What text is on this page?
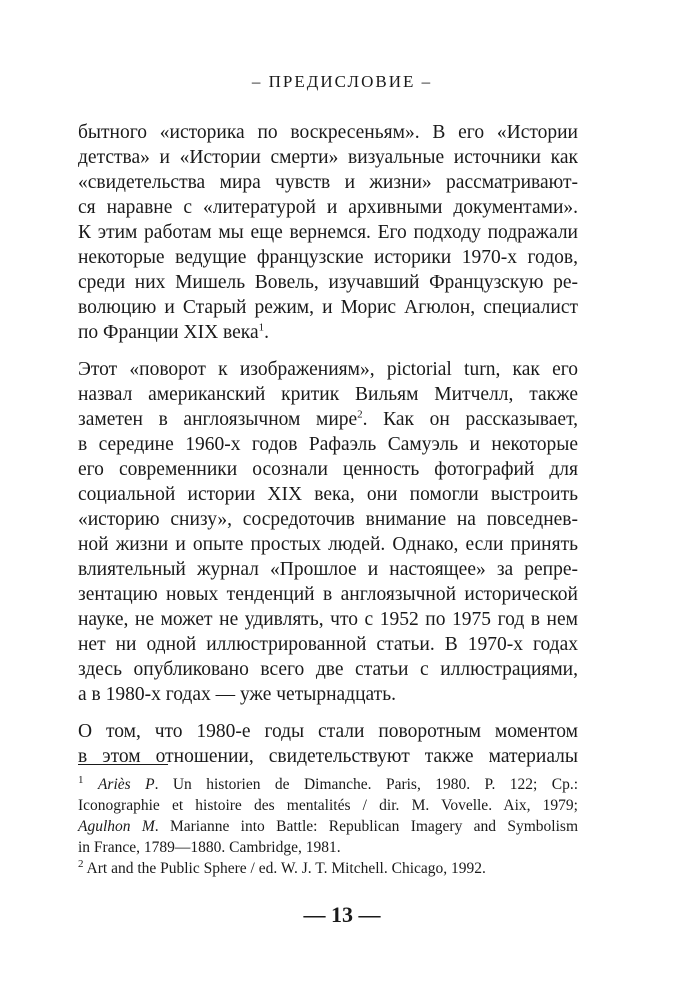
– ПРЕДИСЛОВИЕ –
бытного «историка по воскресеньям». В его «Истории
детства» и «Истории смерти» визуальные источники как
«свидетельства мира чувств и жизни» рассматривают-
ся наравне с «литературой и архивными документами».
К этим работам мы еще вернемся. Его подходу подражали
некоторые ведущие французские историки 1970-х годов,
среди них Мишель Вовель, изучавший Французскую ре-
волюцию и Старый режим, и Морис Агюлон, специалист
по Франции XIX века$^1$.
Этот «поворот к изображениям», pictorial turn, как его
назвал американский критик Вильям Митчелл, также
заметен в англоязычном мире$^2$. Как он рассказывает,
в середине 1960-х годов Рафаэль Самуэль и некоторые
его современники осознали ценность фотографий для
социальной истории XIX века, они помогли выстроить
«историю снизу», сосредоточив внимание на повседнев-
ной жизни и опыте простых людей. Однако, если принять
влиятельный журнал «Прошлое и настоящее» за репре-
зентацию новых тенденций в англоязычной исторической
науке, не может не удивлять, что с 1952 по 1975 год в нем
нет ни одной иллюстрированной статьи. В 1970-х годах
здесь опубликовано всего две статьи с иллюстрациями,
а в 1980-х годах — уже четырнадцать.
О том, что 1980-е годы стали поворотным моментом
в этом отношении, свидетельствуют также материалы
$^1$ Ariès P. Un historien de Dimanche. Paris, 1980. P. 122; Ср.:
Iconographie et histoire des mentalités / dir. M. Vovelle. Aix, 1979;
Agulhon M. Marianne into Battle: Republican Imagery and Symbolism
in France, 1789—1880. Cambridge, 1981.
$^2$ Art and the Public Sphere / ed. W. J. T. Mitchell. Chicago, 1992.
— 13 —
